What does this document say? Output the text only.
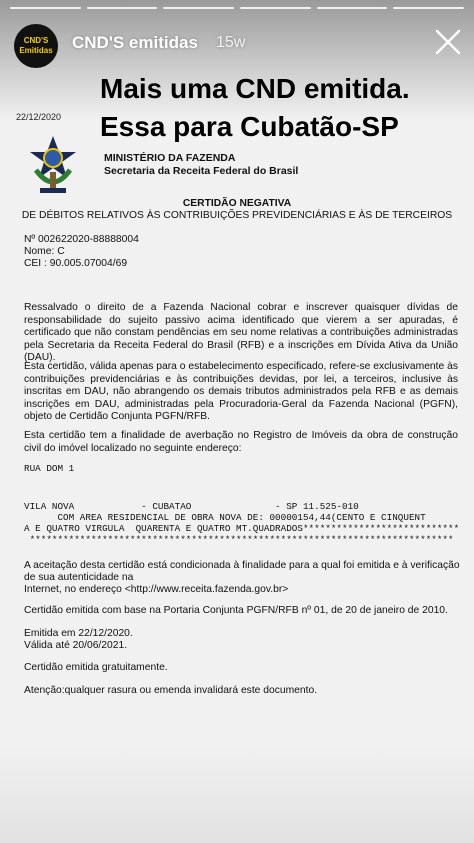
CND'S
Emitidas CND'S emitidas 15w
22/12/2020
MINISTÉRIO DA FAZENDA
Secretaria da Receita Federal do Brasil
CERTIDÃO NEGATIVA
DE DÉBITOS RELATIVOS ÀS CONTRIBUIÇÕES PREVIDENCIÁRIAS E ÀS DE TERCEIROS
Nº 002622020-88888004
Nome: C
CEI : 90.005.07004/69
Ressalvado o direito de a Fazenda Nacional cobrar e inscrever quaisquer dívidas de responsabilidade do sujeito passivo acima identificado que vierem a ser apuradas, é certificado que não constam pendências em seu nome relativas a contribuições administradas pela Secretaria da Receita Federal do Brasil (RFB) e a inscrições em Dívida Ativa da União (DAU).
Esta certidão, válida apenas para o estabelecimento especificado, refere-se exclusivamente às contribuições previdenciárias e às contribuições devidas, por lei, a terceiros, inclusive às inscritas em DAU, não abrangendo os demais tributos administrados pela RFB e as demais inscrições em DAU, administradas pela Procuradoria-Geral da Fazenda Nacional (PGFN), objeto de Certidão Conjunta PGFN/RFB.
Esta certidão tem a finalidade de averbação no Registro de Imóveis da obra de construção civil do imóvel localizado no seguinte endereço:
RUA DOM 1
VILA NOVA            - CUBATAO               - SP 11.525-010
COM AREA RESIDENCIAL DE OBRA NOVA DE: 00000154,44(CENTO E CINQUENT
A E QUATRO VIRGULA  QUARENTA E QUATRO MT.QUADRADOS****************************
****************************************************************************
A aceitação desta certidão está condicionada à finalidade para a qual foi emitida e à verificação
de sua autenticidade na
Internet, no endereço <http://www.receita.fazenda.gov.br>
Certidão emitida com base na Portaria Conjunta PGFN/RFB nº 01, de 20 de janeiro de 2010.
Emitida em 22/12/2020.
Válida até 20/06/2021.
Certidão emitida gratuitamente.
Atenção:qualquer rasura ou emenda invalidará este documento.
Mais uma CND emitida.
Essa para Cubatão-SP
